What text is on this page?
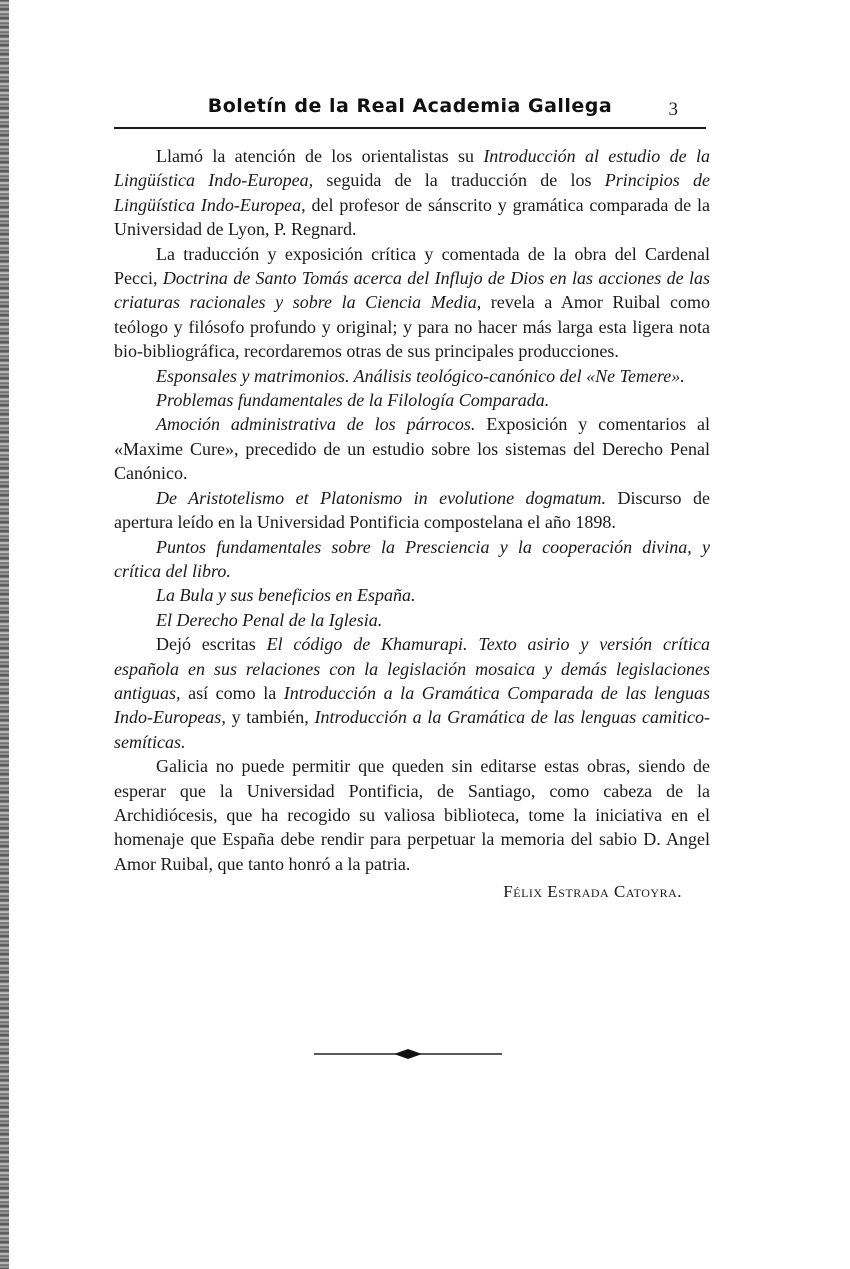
Boletín de la Real Academia Gallega	3

Llamó la atención de los orientalistas su Introducción al estudio de la Lingüística Indo-Europea, seguida de la traducción de los Principios de Lingüística Indo-Europea, del profesor de sánscrito y gramática comparada de la Universidad de Lyon, P. Regnard.

La traducción y exposición crítica y comentada de la obra del Cardenal Pecci, Doctrina de Santo Tomás acerca del Influjo de Dios en las acciones de las criaturas racionales y sobre la Ciencia Media, revela a Amor Ruibal como teólogo y filósofo profundo y original; y para no hacer más larga esta ligera nota bio-bibliográfica, recordaremos otras de sus principales producciones.

Esponsales y matrimonios. Análisis teológico-canónico del «Ne Temere».

Problemas fundamentales de la Filología Comparada.

Amoción administrativa de los párrocos. Exposición y comentarios al «Maxime Cure», precedido de un estudio sobre los sistemas del Derecho Penal Canónico.

De Aristotelismo et Platonismo in evolutione dogmatum. Discurso de apertura leído en la Universidad Pontificia compostelana el año 1898.

Puntos fundamentales sobre la Presciencia y la cooperación divina, y crítica del libro.

La Bula y sus beneficios en España.

El Derecho Penal de la Iglesia.

Dejó escritas El código de Khamurapi. Texto asirio y versión crítica española en sus relaciones con la legislación mosaica y demás legislaciones antiguas, así como la Introducción a la Gramática Comparada de las lenguas Indo-Europeas, y también, Introducción a la Gramática de las lenguas camitico-semíticas.

Galicia no puede permitir que queden sin editarse estas obras, siendo de esperar que la Universidad Pontificia, de Santiago, como cabeza de la Archidiócesis, que ha recogido su valiosa biblioteca, tome la iniciativa en el homenaje que España debe rendir para perpetuar la memoria del sabio D. Angel Amor Ruibal, que tanto honró a la patria.

Félix Estrada Catoyra.
